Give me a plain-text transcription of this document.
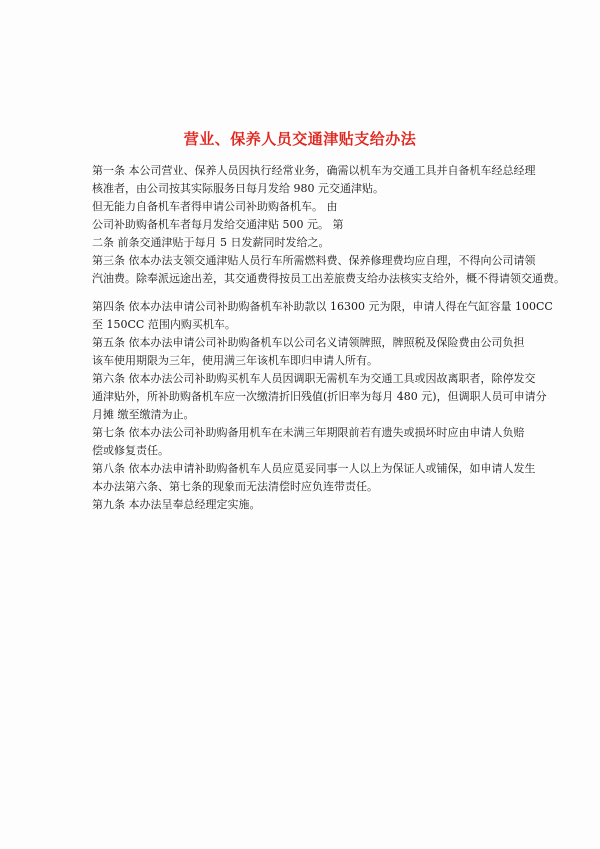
营业、保养人员交通津贴支给办法
第一条 本公司营业、保养人员因执行经常业务，确需以机车为交通工具并自备机车经总经理
核准者，由公司按其实际服务日每月发给 980 元交通津贴。
但无能力自备机车者得申请公司补助购备机车。 由
公司补助购备机车者每月发给交通津贴 500 元。 第
二条 前条交通津贴于每月 5 日发薪同时发给之。
第三条 依本办法支领交通津贴人员行车所需燃料费、保养修理费均应自理，不得向公司请领
汽油费。除奉派远途出差，其交通费得按员工出差旅费支给办法核实支给外，概不得请领交通费。
第四条 依本办法申请公司补助购备机车补助款以 16300 元为限，申请人得在气缸容量 100CC
至 150CC 范围内购买机车。
第五条 依本办法申请公司补助购备机车以公司名义请领牌照，牌照税及保险费由公司负担
该车使用期限为三年，使用满三年该机车即归申请人所有。
第六条 依本办法公司补助购买机车人员因调职无需机车为交通工具或因故离职者，除停发交
通津贴外，所补助购备机车应一次缴清折旧残值(折旧率为每月 480 元)，但调职人员可申请分
月摊 缴至缴清为止。
第七条 依本办法公司补助购备用机车在未满三年期限前若有遗失或损坏时应由申请人负赔
偿或修复责任。
第八条 依本办法申请补助购备机车人员应觅妥同事一人以上为保证人或铺保，如申请人发生
本办法第六条、第七条的现象而无法清偿时应负连带责任。
第九条 本办法呈奉总经理定实施。
